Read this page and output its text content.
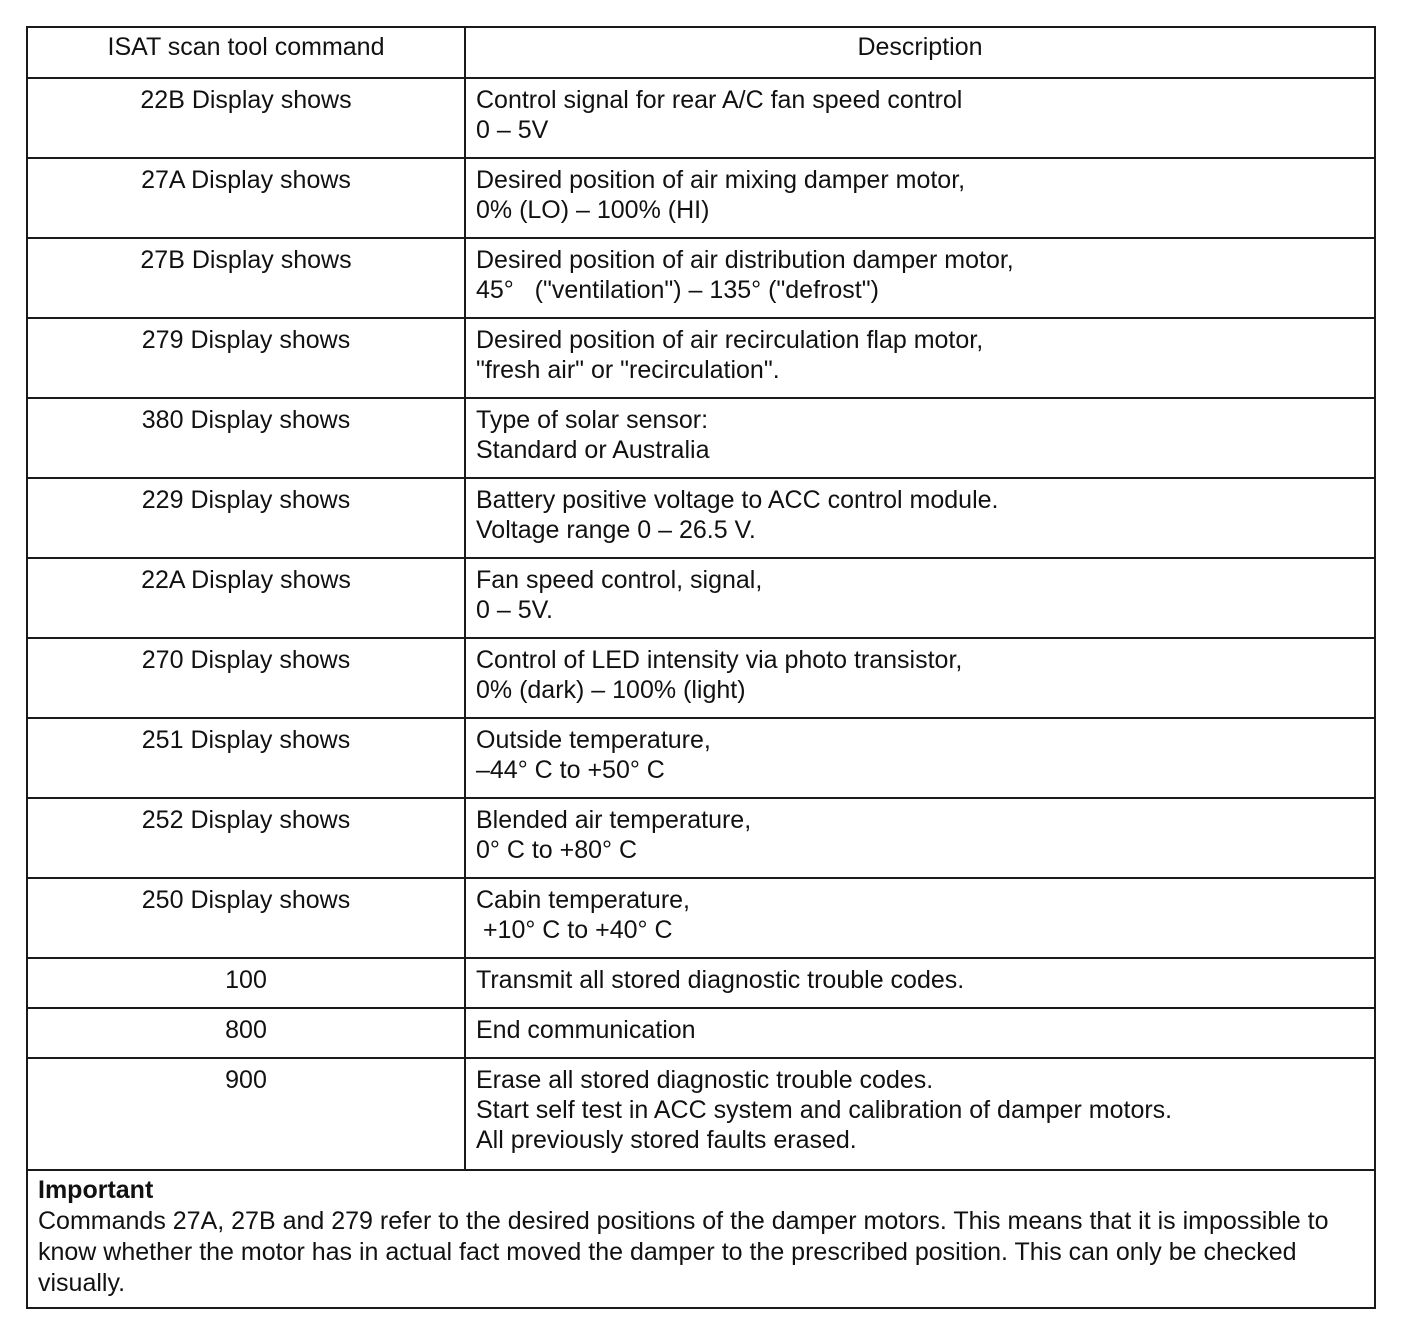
ISAT scan tool command	Description
22B Display shows	Control signal for rear A/C fan speed control
0 – 5V

27A Display shows	Desired position of air mixing damper motor,
0% (LO) – 100% (HI)

27B Display shows	Desired position of air distribution damper motor,
45°   ("ventilation") – 135° ("defrost")

279 Display shows	Desired position of air recirculation flap motor,
"fresh air" or "recirculation".

380 Display shows	Type of solar sensor:
Standard or Australia

229 Display shows	Battery positive voltage to ACC control module.
Voltage range 0 – 26.5 V.

22A Display shows	Fan speed control, signal,
0 – 5V.

270 Display shows	Control of LED intensity via photo transistor,
0% (dark) – 100% (light)

251 Display shows	Outside temperature,
–44° C to +50° C

252 Display shows	Blended air temperature,
0° C to +80° C

250 Display shows	Cabin temperature,
+10° C to +40° C

100	Transmit all stored diagnostic trouble codes.

800	End communication

900	Erase all stored diagnostic trouble codes.
Start self test in ACC system and calibration of damper motors.
All previously stored faults erased.
Important
Commands 27A, 27B and 279 refer to the desired positions of the damper motors. This means that it is impossible to know whether the motor has in actual fact moved the damper to the prescribed position. This can only be checked visually.
